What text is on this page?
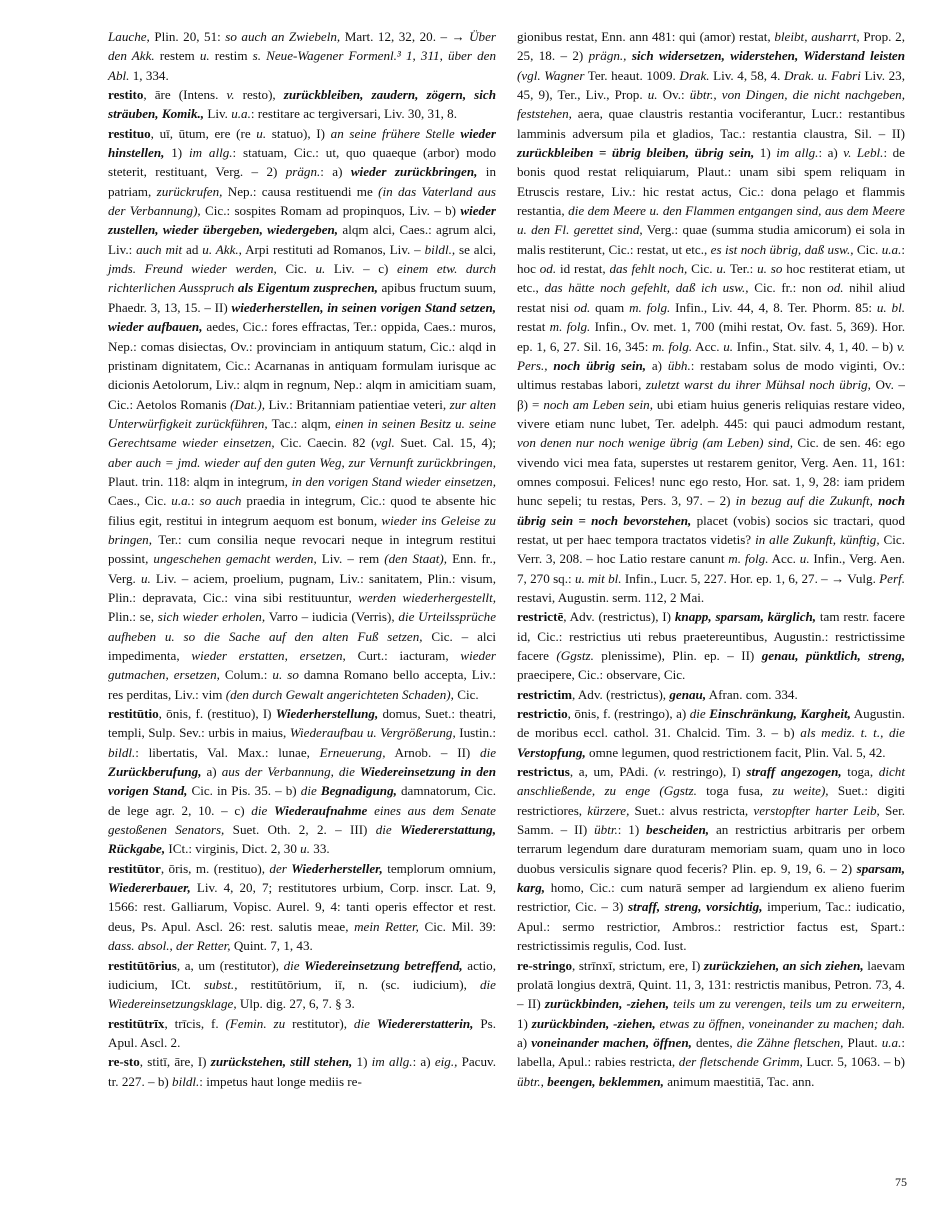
Lauche, Plin. 20, 51: so auch an Zwiebeln, Mart. 12, 32, 20. – → Über den Akk. restem u. restim s. Neue-Wagener Formenl.³ 1, 311, über den Abl. 1, 334.

restito, āre (Intens. v. resto), zurückbleiben, zaudern, zögern, sich sträuben, Komik., Liv. u.a.: restitare ac tergiversari, Liv. 30, 31, 8.

restituo, uī, ūtum, ere (re u. statuo), I) an seine frühere Stelle wieder hinstellen, 1) im allg.: statuam, Cic.: ut, quo quaeque (arbor) modo steterit, restituant, Verg. – 2) prägn.: a) wieder zurückbringen, in patriam, zurückrufen, Nep.: causa restituendi me (in das Vaterland aus der Verbannung), Cic.: sospites Romam ad propinquos, Liv. – b) wieder zustellen, wieder übergeben, wiedergeben, alqm alci, Caes.: agrum alci, Liv.: auch mit ad u. Akk., Arpi restituti ad Romanos, Liv. – bildl., se alci, jmds. Freund wieder werden, Cic. u. Liv. – c) einem etw. durch richterlichen Ausspruch als Eigentum zusprechen, apibus fructum suum, Phaedr. 3, 13, 15. – II) wiederherstellen, in seinen vorigen Stand setzen, wieder aufbauen, aedes, Cic.: fores effractas, Ter.: oppida, Caes.: muros, Nep.: comas disiectas, Ov.: provinciam in antiquum statum, Cic.: alqd in pristinam dignitatem, Cic.: Acarnanas in antiquam formulam iurisque ac dicionis Aetolorum, Liv.: alqm in regnum, Nep.: alqm in amicitiam suam, Cic.: Aetolos Romanis (Dat.), Liv.: Britanniam patientiae veteri, zur alten Unterwürfigkeit zurückführen, Tac.: alqm, einen in seinen Besitz u. seine Gerechtsame wieder einsetzen, Cic. Caecin. 82 (vgl. Suet. Cal. 15, 4); aber auch = jmd. wieder auf den guten Weg, zur Vernunft zurückbringen, Plaut. trin. 118: alqm in integrum, in den vorigen Stand wieder einsetzen, Caes., Cic. u.a.: so auch praedia in integrum, Cic.: quod te absente hic filius egit, restitui in integrum aequom est bonum, wieder ins Geleise zu bringen, Ter.: cum consilia neque revocari neque in integrum restitui possint, ungeschehen gemacht werden, Liv. – rem (den Staat), Enn. fr., Verg. u. Liv. – aciem, proelium, pugnam, Liv.: sanitatem, Plin.: visum, Plin.: depravata, Cic.: vina sibi restituuntur, werden wiederhergestellt, Plin.: se, sich wieder erholen, Varro – iudicia (Verris), die Urteilssprüche aufheben u. so die Sache auf den alten Fuß setzen, Cic. – alci impedimenta, wieder erstatten, ersetzen, Curt.: iacturam, wieder gutmachen, ersetzen, Colum.: u. so damna Romano bello accepta, Liv.: res perditas, Liv.: vim (den durch Gewalt angerichteten Schaden), Cic.

restitūtio, ōnis, f. (restituo), I) Wiederherstellung, domus, Suet.: theatri, templi, Sulp. Sev.: urbis in maius, Wiederaufbau u. Vergrößerung, Iustin.: bildl.: libertatis, Val. Max.: lunae, Erneuerung, Arnob. – II) die Zurückberufung, a) aus der Verbannung, die Wiedereinsetzung in den vorigen Stand, Cic. in Pis. 35. – b) die Begnadigung, damnatorum, Cic. de lege agr. 2, 10. – c) die Wiederaufnahme eines aus dem Senate gestoßenen Senators, Suet. Oth. 2, 2. – III) die Wiedererstattung, Rückgabe, ICt.: virginis, Dict. 2, 30 u. 33.

restitūtor, ōris, m. (restituo), der Wiederhersteller, templorum omnium, Wiedererbauer, Liv. 4, 20, 7; restitutores urbium, Corp. inscr. Lat. 9, 1566: rest. Galliarum, Vopisc. Aurel. 9, 4: tanti operis effector et rest. deus, Ps. Apul. Ascl. 26: rest. salutis meae, mein Retter, Cic. Mil. 39: dass. absol., der Retter, Quint. 7, 1, 43.

restitūtōrius, a, um (restitutor), die Wiedereinsetzung betreffend, actio, iudicium, ICt. subst., restitūtōrium, iī, n. (sc. iudicium), die Wiedereinsetzungsklage, Ulp. dig. 27, 6, 7. § 3.

restitūtrīx, trīcis, f. (Femin. zu restitutor), die Wiedererstatterin, Ps. Apul. Ascl. 2.

re-sto, stitī, āre, I) zurückstehen, still stehen, 1) im allg.: a) eig., Pacuv. tr. 227. – b) bildl.: impetus haut longe mediis re-

gionibus restat, Enn. ann 481: qui (amor) restat, bleibt, ausharrt, Prop. 2, 25, 18. – 2) prägn., sich widersetzen, widerstehen, Widerstand leisten (vgl. Wagner Ter. heaut. 1009. Drak. Liv. 4, 58, 4. Drak. u. Fabri Liv. 23, 45, 9), Ter., Liv., Prop. u. Ov.: übtr., von Dingen, die nicht nachgeben, feststehen, aera, quae claustris restantia vociferantur, Lucr.: restantibus lamminis adversum pila et gladios, Tac.: restantia claustra, Sil. – II) zurückbleiben = übrig bleiben, übrig sein, 1) im allg.: a) v. Lebl.: de bonis quod restat reliquiarum, Plaut.: unam sibi spem reliquam in Etruscis restare, Liv.: hic restat actus, Cic.: dona pelago et flammis restantia, die dem Meere u. den Flammen entgangen sind, aus dem Meere u. den Fl. gerettet sind, Verg.: quae (summa studia amicorum) ei sola in malis restiterunt, Cic.: restat, ut etc., es ist noch übrig, daß usw., Cic. u.a.: hoc od. id restat, das fehlt noch, Cic. u. Ter.: u. so hoc restiterat etiam, ut etc., das hätte noch gefehlt, daß ich usw., Cic. fr.: non od. nihil aliud restat nisi od. quam m. folg. Infin., Liv. 44, 4, 8. Ter. Phorm. 85: u. bl. restat m. folg. Infin., Ov. met. 1, 700 (mihi restat, Ov. fast. 5, 369). Hor. ep. 1, 6, 27. Sil. 16, 345: m. folg. Acc. u. Infin., Stat. silv. 4, 1, 40. – b) v. Pers., noch übrig sein, a) übh.: restabam solus de modo viginti, Ov.: ultimus restabas labori, zuletzt warst du ihrer Mühsal noch übrig, Ov. – β) = noch am Leben sein, ubi etiam huius generis reliquias restare video, vivere etiam nunc lubet, Ter. adelph. 445: qui pauci admodum restant, von denen nur noch wenige übrig (am Leben) sind, Cic. de sen. 46: ego vivendo vici mea fata, superstes ut restarem genitor, Verg. Aen. 11, 161: omnes composui. Felices! nunc ego resto, Hor. sat. 1, 9, 28: iam pridem hunc sepeli; tu restas, Pers. 3, 97. – 2) in bezug auf die Zukunft, noch übrig sein = noch bevorstehen, placet (vobis) socios sic tractari, quod restat, ut per haec tempora tractatos videtis? in alle Zukunft, künftig, Cic. Verr. 3, 208. – hoc Latio restare canunt m. folg. Acc. u. Infin., Verg. Aen. 7, 270 sq.: u. mit bl. Infin., Lucr. 5, 227. Hor. ep. 1, 6, 27. – → Vulg. Perf. restavi, Augustin. serm. 112, 2 Mai.

restrictē, Adv. (restrictus), I) knapp, sparsam, kärglich, tam restr. facere id, Cic.: restrictius uti rebus praetereuntibus, Augustin.: restrictissime facere (Ggstz. plenissime), Plin. ep. – II) genau, pünktlich, streng, praecipere, Cic.: observare, Cic.

restrictim, Adv. (restrictus), genau, Afran. com. 334.

restrictio, ōnis, f. (restringo), a) die Einschränkung, Kargheit, Augustin. de moribus eccl. cathol. 31. Chalcid. Tim. 3. – b) als mediz. t. t., die Verstopfung, omne legumen, quod restrictionem facit, Plin. Val. 5, 42.

restrictus, a, um, PAdi. (v. restringo), I) straff angezogen, toga, dicht anschließende, zu enge (Ggstz. toga fusa, zu weite), Suet.: digiti restrictiores, kürzere, Suet.: alvus restricta, verstopfter harter Leib, Ser. Samm. – II) übtr.: 1) bescheiden, an restrictius arbitraris per orbem terrarum legendum dare duraturam memoriam suam, quam uno in loco duobus versiculis signare quod feceris? Plin. ep. 9, 19, 6. – 2) sparsam, karg, homo, Cic.: cum naturā semper ad largiendum ex alieno fuerim restrictior, Cic. – 3) straff, streng, vorsichtig, imperium, Tac.: iudicatio, Apul.: sermo restrictior, Ambros.: restrictior factus est, Spart.: restrictissimis regulis, Cod. Iust.

re-stringo, strīnxī, strictum, ere, I) zurückziehen, an sich ziehen, laevam prolatā longius dextrā, Quint. 11, 3, 131: restrictis manibus, Petron. 73, 4. – II) zurückbinden, -ziehen, teils um zu verengen, teils um zu erweitern, 1) zurückbinden, -ziehen, etwas zu öffnen, voneinander zu machen; dah. a) voneinander machen, öffnen, dentes, die Zähne fletschen, Plaut. u.a.: labella, Apul.: rabies restricta, der fletschende Grimm, Lucr. 5, 1063. – b) übtr., beengen, beklemmen, animum maestitiā, Tac. ann.

75
